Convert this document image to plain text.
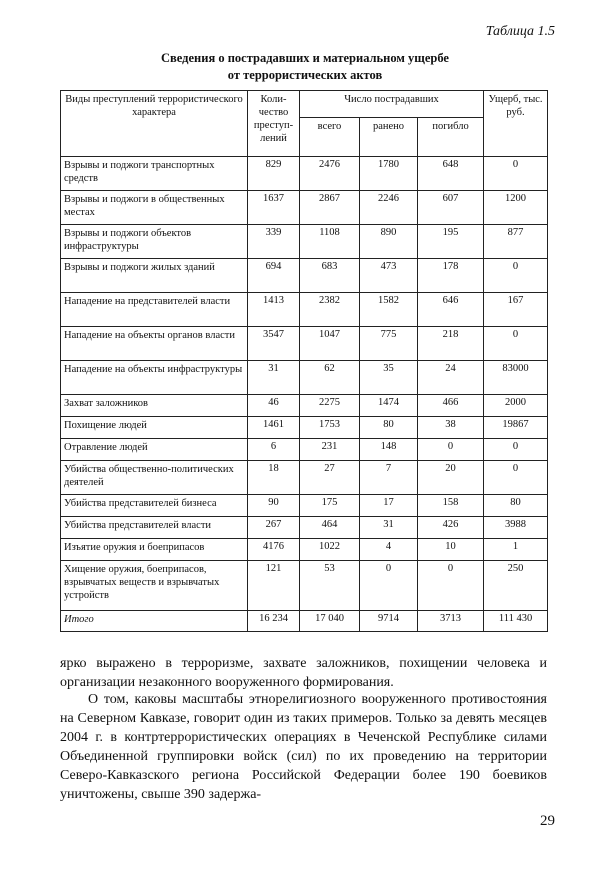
Таблица 1.5
Сведения о пострадавших и материальном ущербе
от террористических актов
Виды преступлений террористического характера	Коли-чество преступ-лений	Число пострадавших			Ущерб, тыс. руб.
		всего	ранено	погибло	
Взрывы и поджоги транспортных средств	829	2476	1780	648	0
Взрывы и поджоги в общественных местах	1637	2867	2246	607	1200
Взрывы и поджоги объектов инфраструктуры	339	1108	890	195	877
Взрывы и поджоги жилых зданий	694	683	473	178	0
Нападение на представителей власти	1413	2382	1582	646	167
Нападение на объекты органов власти	3547	1047	775	218	0
Нападение на объекты инфраструктуры	31	62	35	24	83000
Захват заложников	46	2275	1474	466	2000
Похищение людей	1461	1753	80	38	19867
Отравление людей	6	231	148	0	0
Убийства общественно-политических деятелей	18	27	7	20	0
Убийства представителей бизнеса	90	175	17	158	80
Убийства представителей власти	267	464	31	426	3988
Изъятие оружия и боеприпасов	4176	1022	4	10	1
Хищение оружия, боеприпасов, взрывчатых веществ и взрывчатых устройств	121	53	0	0	250
Итого	16 234	17 040	9714	3713	111 430
ярко выражено в терроризме, захвате заложников, похищении человека и организации незаконного вооруженного формирования.
О том, каковы масштабы этнорелигиозного вооруженного противостояния на Северном Кавказе, говорит один из таких примеров. Только за девять месяцев 2004 г. в контртеррористических операциях в Чеченской Республике силами Объединенной группировки войск (сил) по их проведению на территории Северо-Кавказского региона Российской Федерации более 190 боевиков уничтожены, свыше 390 задержа-
29
